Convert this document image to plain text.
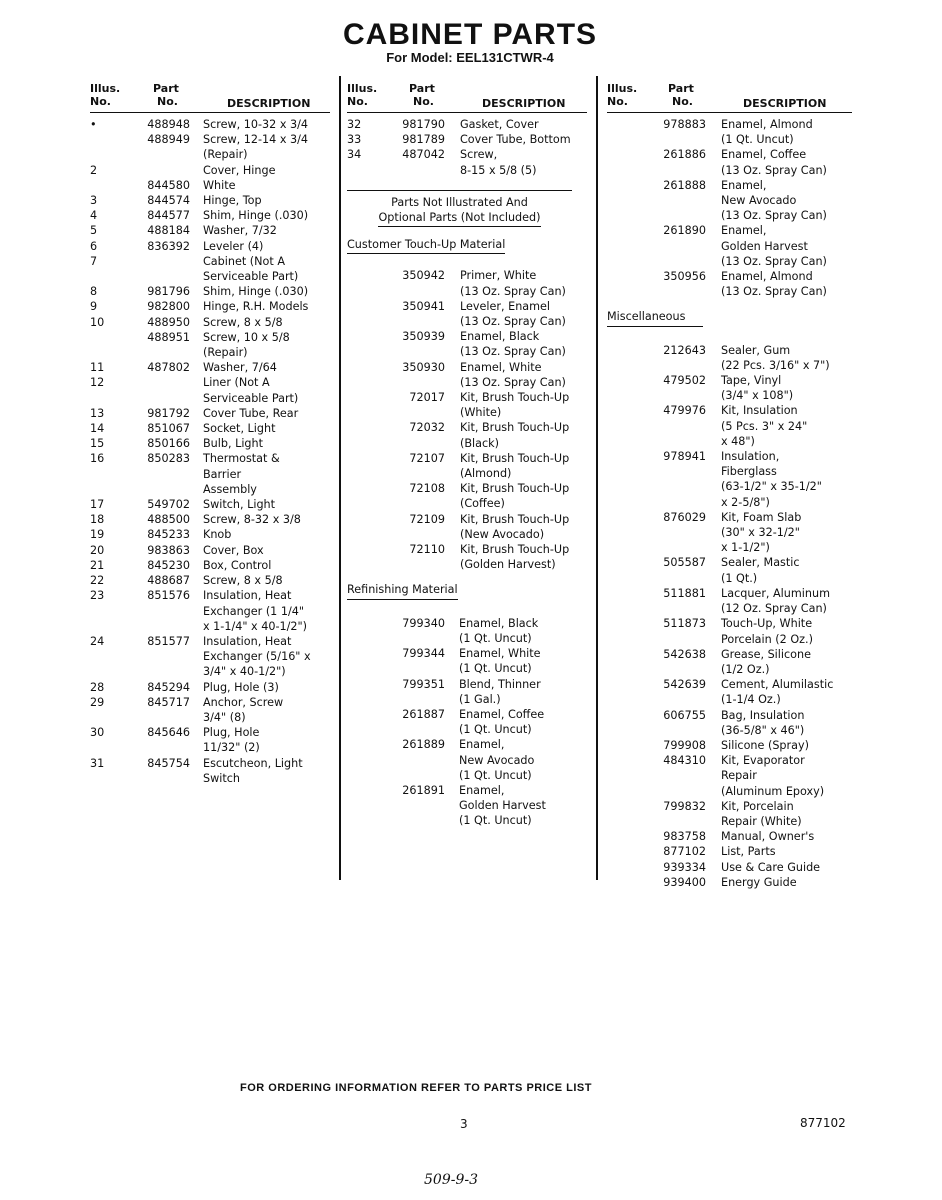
CABINET PARTS
For Model: EEL131CTWR-4
Illus.
No.
Part
No.	DESCRIPTION
•	488948 Screw, 10-32 x 3/4
488949 Screw, 12-14 x 3/4
(Repair)
2	Cover, Hinge
844580 White
3	844574 Hinge, Top
4	844577 Shim, Hinge (.030)
5	488184 Washer, 7/32
6	836392 Leveler (4)
7	Cabinet (Not A
Serviceable Part)
8	981796 Shim, Hinge (.030)
9	982800 Hinge, R.H. Models
10	488950 Screw, 8 x 5/8
488951 Screw, 10 x 5/8
(Repair)
11	487802 Washer, 7/64
12	Liner (Not A
Serviceable Part)
13	981792 Cover Tube, Rear
14	851067 Socket, Light
15	850166 Bulb, Light
16	850283 Thermostat &
Barrier
Assembly
17	549702 Switch, Light
18	488500 Screw, 8-32 x 3/8
19	845233 Knob
20	983863 Cover, Box
21	845230 Box, Control
22	488687 Screw, 8 x 5/8
23	851576 Insulation, Heat
Exchanger (1 1/4"
x 1-1/4" x 40-1/2")
24	851577 Insulation, Heat
Exchanger (5/16" x
3/4" x 40-1/2")
28	845294 Plug, Hole (3)
29	845717 Anchor, Screw
3/4" (8)
30	845646 Plug, Hole
11/32" (2)
31	845754 Escutcheon, Light
Switch
Illus.
No.
Part
No.	DESCRIPTION
32	981790 Gasket, Cover
33	981789 Cover Tube, Bottom
34	487042 Screw,
8-15 x 5/8 (5)
Parts Not Illustrated And
Optional Parts (Not Included)
Customer Touch-Up Material
350942 Primer, White
(13 Oz. Spray Can)
350941 Leveler, Enamel
(13 Oz. Spray Can)
350939 Enamel, Black
(13 Oz. Spray Can)
350930 Enamel, White
(13 Oz. Spray Can)
72017 Kit, Brush Touch-Up
(White)
72032 Kit, Brush Touch-Up
(Black)
72107 Kit, Brush Touch-Up
(Almond)
72108 Kit, Brush Touch-Up
(Coffee)
72109 Kit, Brush Touch-Up
(New Avocado)
72110 Kit, Brush Touch-Up
(Golden Harvest)
Refinishing Material
799340 Enamel, Black
(1 Qt. Uncut)
799344 Enamel, White
(1 Qt. Uncut)
799351 Blend, Thinner
(1 Gal.)
261887 Enamel, Coffee
(1 Qt. Uncut)
261889 Enamel,
New Avocado
(1 Qt. Uncut)
261891 Enamel,
Golden Harvest
(1 Qt. Uncut)
Illus.
No.
Part
No.	DESCRIPTION
978883 Enamel, Almond
(1 Qt. Uncut)
261886 Enamel, Coffee
(13 Oz. Spray Can)
261888 Enamel,
New Avocado
(13 Oz. Spray Can)
261890 Enamel,
Golden Harvest
(13 Oz. Spray Can)
350956 Enamel, Almond
(13 Oz. Spray Can)
Miscellaneous
212643 Sealer, Gum
(22 Pcs. 3/16" x 7")
479502 Tape, Vinyl
(3/4" x 108")
479976 Kit, Insulation
(5 Pcs. 3" x 24"
x 48")
978941 Insulation,
Fiberglass
(63-1/2" x 35-1/2"
x 2-5/8")
876029 Kit, Foam Slab
(30" x 32-1/2"
x 1-1/2")
505587 Sealer, Mastic
(1 Qt.)
511881 Lacquer, Aluminum
(12 Oz. Spray Can)
511873 Touch-Up, White
Porcelain (2 Oz.)
542638 Grease, Silicone
(1/2 Oz.)
542639 Cement, Alumilastic
(1-1/4 Oz.)
606755 Bag, Insulation
(36-5/8" x 46")
799908 Silicone (Spray)
484310 Kit, Evaporator
Repair
(Aluminum Epoxy)
799832 Kit, Porcelain
Repair (White)
983758 Manual, Owner's
877102 List, Parts
939334 Use & Care Guide
939400 Energy Guide
FOR ORDERING INFORMATION REFER TO PARTS PRICE LIST
3	877102
509-9-3
